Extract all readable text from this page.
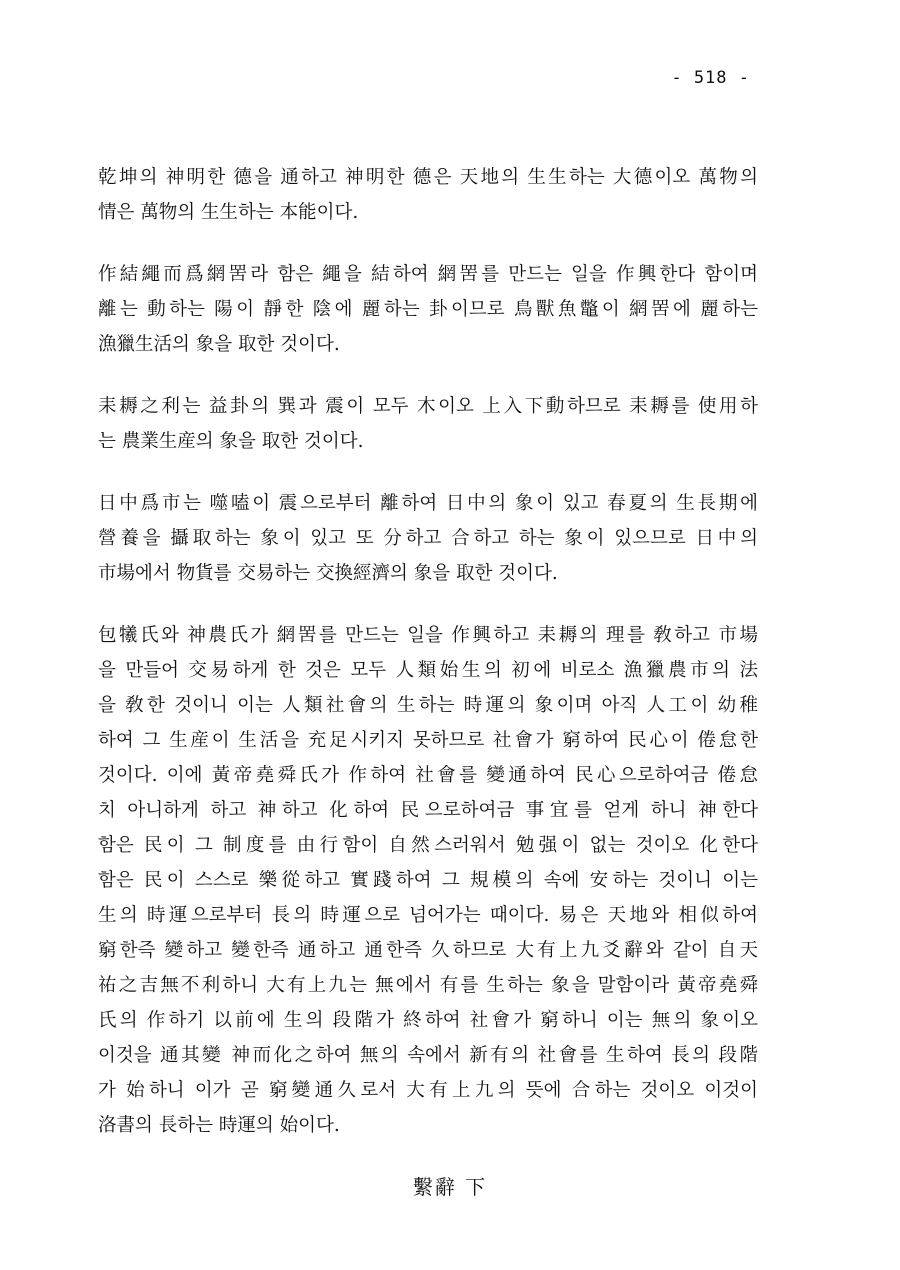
- 518 -
乾坤의 神明한 德을 通하고 神明한 德은 天地의 生生하는 大德이오 萬物의
情은 萬物의 生生하는 本能이다.
作結繩而爲網罟라 함은 繩을 結하여 網罟를 만드는 일을 作興한다 함이며
離는 動하는 陽이 靜한 陰에 麗하는 卦이므로 鳥獸魚鼈이 網罟에 麗하는
漁獵生活의 象을 取한 것이다.
耒耨之利는 益卦의 巽과 震이 모두 木이오 上入下動하므로 耒耨를 使用하
는 農業生産의 象을 取한 것이다.
日中爲市는 噬嗑이 震으로부터 離하여 日中의 象이 있고 春夏의 生長期에
營養을 攝取하는 象이 있고 또 分하고 合하고 하는 象이 있으므로 日中의
市場에서 物貨를 交易하는 交換經濟의 象을 取한 것이다.
包犧氏와 神農氏가 網罟를 만드는 일을 作興하고 耒耨의 理를 敎하고 市場
을 만들어 交易하게 한 것은 모두 人類始生의 初에 비로소 漁獵農市의 法
을 敎한 것이니 이는 人類社會의 生하는 時運의 象이며 아직 人工이 幼稚
하여 그 生産이 生活을 充足시키지 못하므로 社會가 窮하여 民心이 倦怠한
것이다. 이에 黃帝堯舜氏가 作하여 社會를 變通하여 民心으로하여금 倦怠
치 아니하게 하고 神하고 化하여 民으로하여금 事宜를 얻게 하니 神한다
함은 民이 그 制度를 由行함이 自然스러워서 勉强이 없는 것이오 化한다
함은 民이 스스로 樂從하고 實踐하여 그 規模의 속에 安하는 것이니 이는
生의 時運으로부터 長의 時運으로 넘어가는 때이다. 易은 天地와 相似하여
窮한즉 變하고 變한즉 通하고 通한즉 久하므로 大有上九爻辭와 같이 自天
祐之吉無不利하니 大有上九는 無에서 有를 生하는 象을 말함이라 黃帝堯舜
氏의 作하기 以前에 生의 段階가 終하여 社會가 窮하니 이는 無의 象이오
이것을 通其變 神而化之하여 無의 속에서 新有의 社會를 生하여 長의 段階
가 始하니 이가 곧 窮變通久로서 大有上九의 뜻에 合하는 것이오 이것이
洛書의 長하는 時運의 始이다.
繫辭 下
